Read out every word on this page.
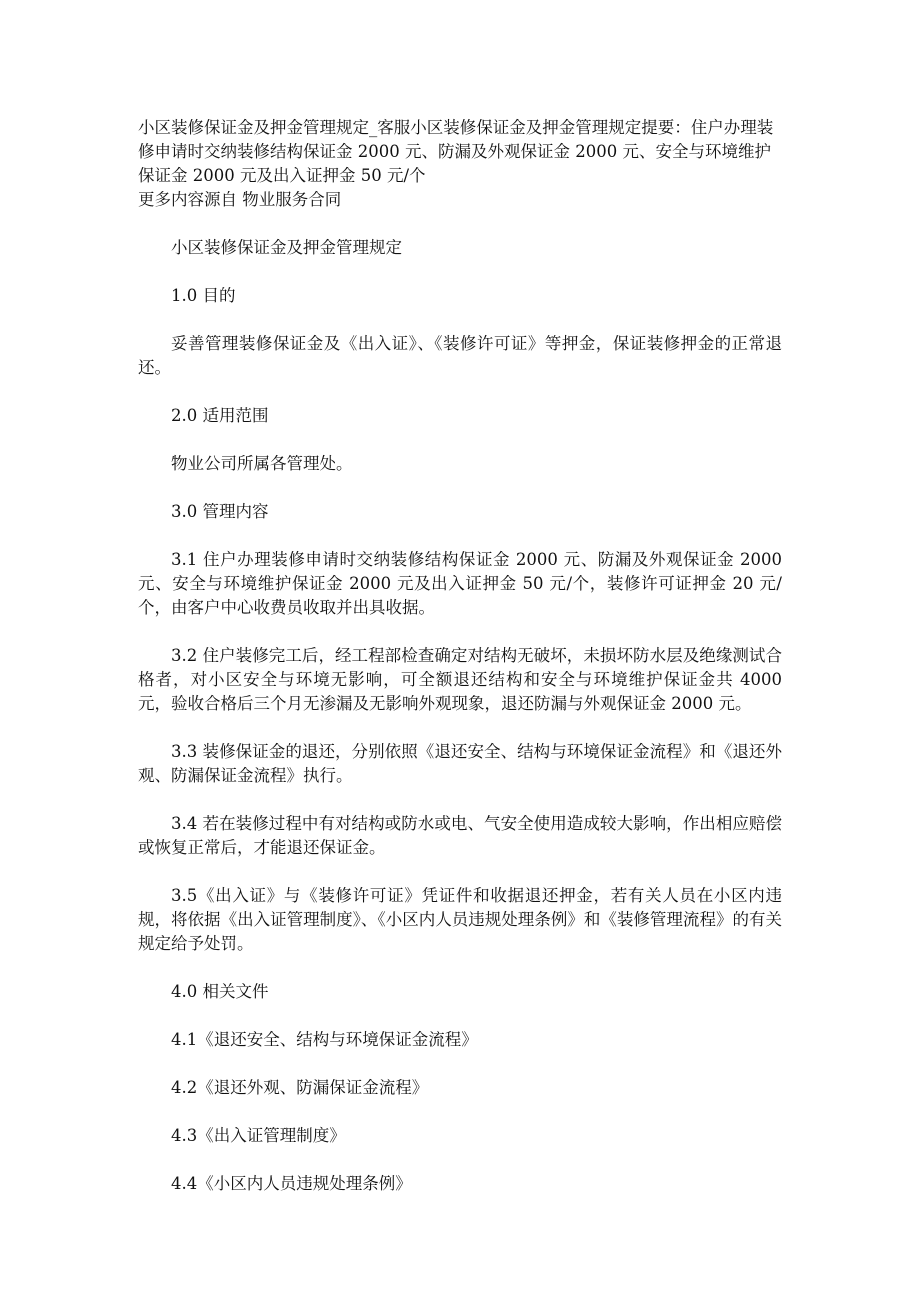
小区装修保证金及押金管理规定_客服小区装修保证金及押金管理规定提要：住户办理装修申请时交纳装修结构保证金 2000 元、防漏及外观保证金 2000 元、安全与环境维护保证金 2000 元及出入证押金 50 元/个

更多内容源自 物业服务合同

小区装修保证金及押金管理规定

1.0 目的

妥善管理装修保证金及《出入证》、《装修许可证》等押金，保证装修押金的正常退还。

2.0 适用范围

物业公司所属各管理处。

3.0 管理内容

3.1 住户办理装修申请时交纳装修结构保证金 2000 元、防漏及外观保证金 2000 元、安全与环境维护保证金 2000 元及出入证押金 50 元/个，装修许可证押金 20 元/个，由客户中心收费员收取并出具收据。

3.2 住户装修完工后，经工程部检查确定对结构无破坏，未损坏防水层及绝缘测试合格者，对小区安全与环境无影响，可全额退还结构和安全与环境维护保证金共 4000 元，验收合格后三个月无渗漏及无影响外观现象，退还防漏与外观保证金 2000 元。

3.3 装修保证金的退还，分别依照《退还安全、结构与环境保证金流程》和《退还外观、防漏保证金流程》执行。

3.4 若在装修过程中有对结构或防水或电、气安全使用造成较大影响，作出相应赔偿或恢复正常后，才能退还保证金。

3.5《出入证》与《装修许可证》凭证件和收据退还押金，若有关人员在小区内违规，将依据《出入证管理制度》、《小区内人员违规处理条例》和《装修管理流程》的有关规定给予处罚。

4.0 相关文件

4.1《退还安全、结构与环境保证金流程》

4.2《退还外观、防漏保证金流程》

4.3《出入证管理制度》

4.4《小区内人员违规处理条例》
